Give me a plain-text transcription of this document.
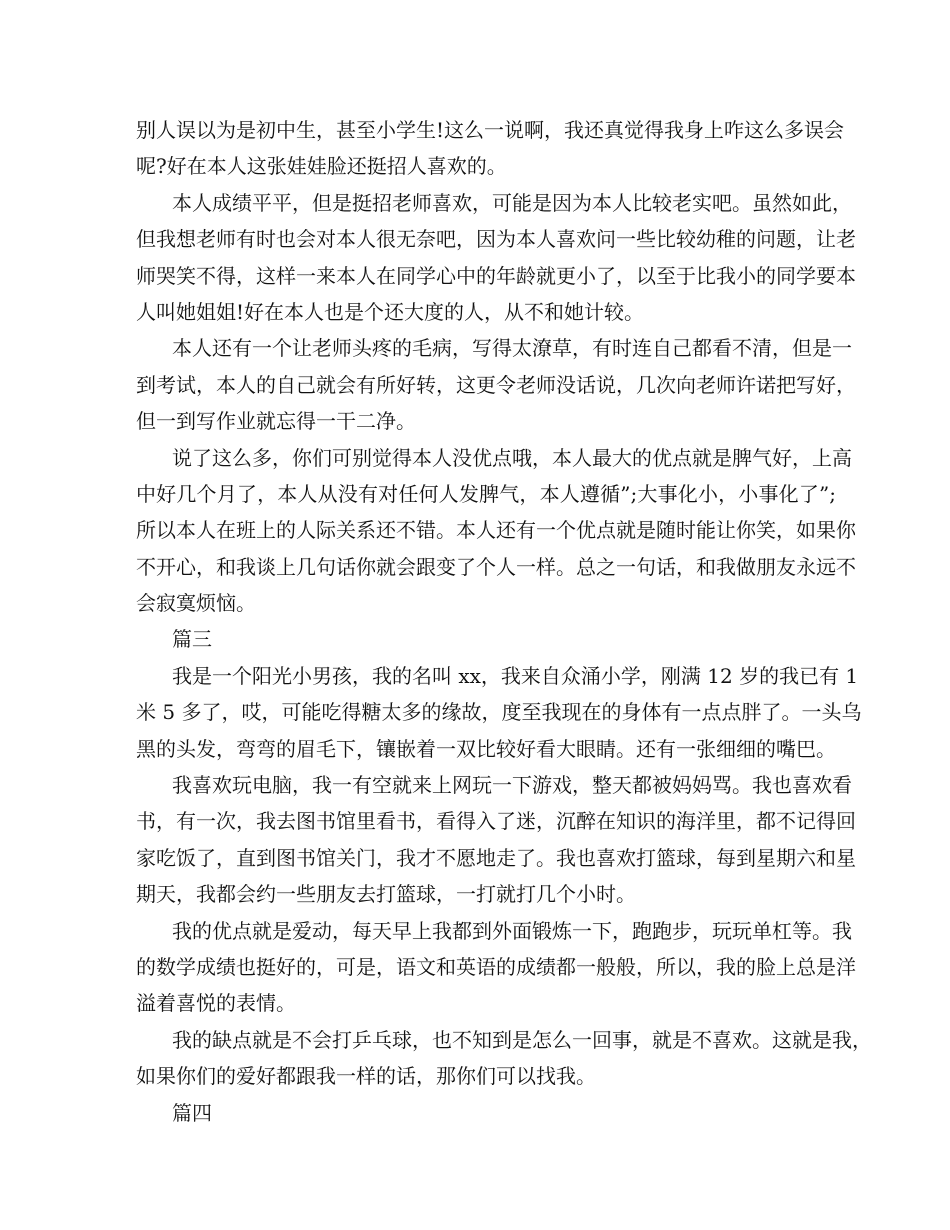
别人误以为是初中生，甚至小学生!这么一说啊，我还真觉得我身上咋这么多误会
呢?好在本人这张娃娃脸还挺招人喜欢的。
本人成绩平平，但是挺招老师喜欢，可能是因为本人比较老实吧。虽然如此，
但我想老师有时也会对本人很无奈吧，因为本人喜欢问一些比较幼稚的问题，让老
师哭笑不得，这样一来本人在同学心中的年龄就更小了，以至于比我小的同学要本
人叫她姐姐!好在本人也是个还大度的人，从不和她计较。
本人还有一个让老师头疼的毛病，写得太潦草，有时连自己都看不清，但是一
到考试，本人的自己就会有所好转，这更令老师没话说，几次向老师许诺把写好，
但一到写作业就忘得一干二净。
说了这么多，你们可别觉得本人没优点哦，本人最大的优点就是脾气好，上高
中好几个月了，本人从没有对任何人发脾气，本人遵循”;大事化小，小事化了”;
所以本人在班上的人际关系还不错。本人还有一个优点就是随时能让你笑，如果你
不开心，和我谈上几句话你就会跟变了个人一样。总之一句话，和我做朋友永远不
会寂寞烦恼。
篇三
我是一个阳光小男孩，我的名叫 xx，我来自众涌小学，刚满 12 岁的我已有 1
米 5 多了，哎，可能吃得糖太多的缘故，度至我现在的身体有一点点胖了。一头乌
黑的头发，弯弯的眉毛下，镶嵌着一双比较好看大眼睛。还有一张细细的嘴巴。
我喜欢玩电脑，我一有空就来上网玩一下游戏，整天都被妈妈骂。我也喜欢看
书，有一次，我去图书馆里看书，看得入了迷，沉醉在知识的海洋里，都不记得回
家吃饭了，直到图书馆关门，我才不愿地走了。我也喜欢打篮球，每到星期六和星
期天，我都会约一些朋友去打篮球，一打就打几个小时。
我的优点就是爱动，每天早上我都到外面锻炼一下，跑跑步，玩玩单杠等。我
的数学成绩也挺好的，可是，语文和英语的成绩都一般般，所以，我的脸上总是洋
溢着喜悦的表情。
我的缺点就是不会打乒乓球，也不知到是怎么一回事，就是不喜欢。这就是我，
如果你们的爱好都跟我一样的话，那你们可以找我。
篇四
